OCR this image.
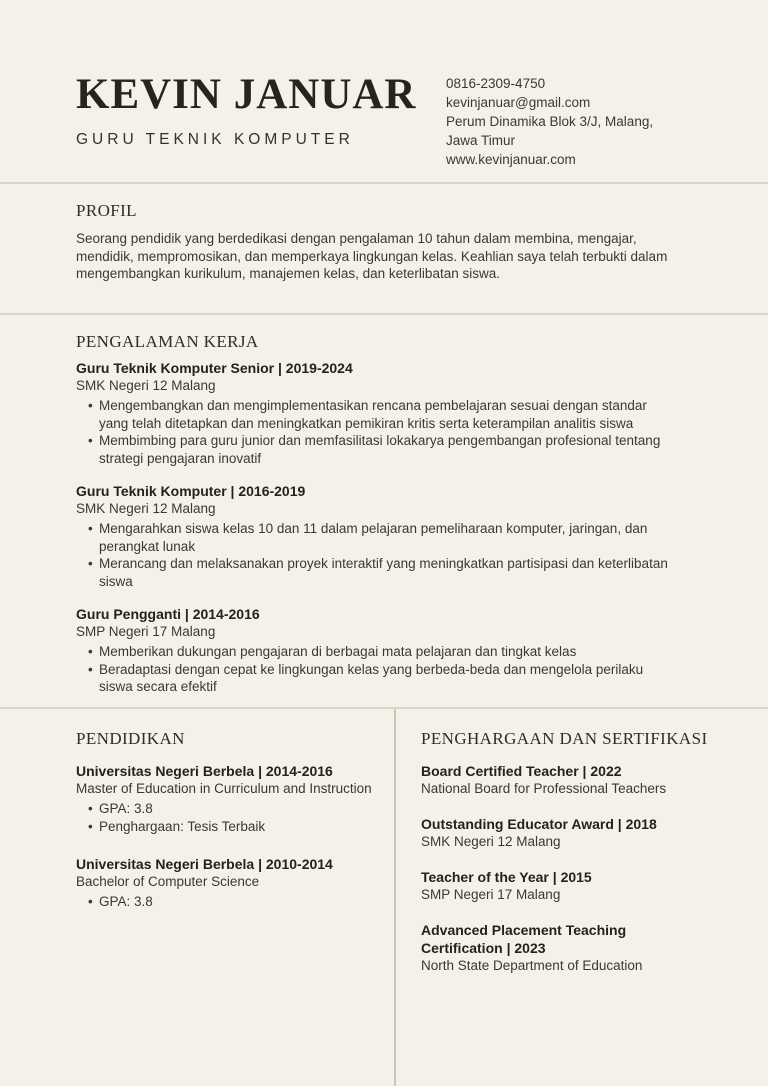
KEVIN JANUAR
GURU TEKNIK KOMPUTER
0816-2309-4750
kevinjanuar@gmail.com
Perum Dinamika Blok 3/J, Malang,
Jawa Timur
www.kevinjanuar.com
PROFIL

Seorang pendidik yang berdedikasi dengan pengalaman 10 tahun dalam membina, mengajar, mendidik, mempromosikan, dan memperkaya lingkungan kelas. Keahlian saya telah terbukti dalam mengembangkan kurikulum, manajemen kelas, dan keterlibatan siswa.

PENGALAMAN KERJA
Guru Teknik Komputer Senior | 2019-2024
SMK Negeri 12 Malang
• Mengembangkan dan mengimplementasikan rencana pembelajaran sesuai dengan standar yang telah ditetapkan dan meningkatkan pemikiran kritis serta keterampilan analitis siswa
• Membimbing para guru junior dan memfasilitasi lokakarya pengembangan profesional tentang strategi pengajaran inovatif
Guru Teknik Komputer | 2016-2019
SMK Negeri 12 Malang
• Mengarahkan siswa kelas 10 dan 11 dalam pelajaran pemeliharaan komputer, jaringan, dan perangkat lunak
• Merancang dan melaksanakan proyek interaktif yang meningkatkan partisipasi dan keterlibatan siswa
Guru Pengganti | 2014-2016
SMP Negeri 17 Malang
• Memberikan dukungan pengajaran di berbagai mata pelajaran dan tingkat kelas
• Beradaptasi dengan cepat ke lingkungan kelas yang berbeda-beda dan mengelola perilaku siswa secara efektif
PENDIDIKAN
Universitas Negeri Berbela | 2014-2016
Master of Education in Curriculum and Instruction
• GPA: 3.8
• Penghargaan: Tesis Terbaik
Universitas Negeri Berbela | 2010-2014
Bachelor of Computer Science
• GPA: 3.8
PENGHARGAAN DAN SERTIFIKASI
Board Certified Teacher | 2022
National Board for Professional Teachers
Outstanding Educator Award | 2018
SMK Negeri 12 Malang
Teacher of the Year | 2015
SMP Negeri 17 Malang
Advanced Placement Teaching Certification | 2023
North State Department of Education
